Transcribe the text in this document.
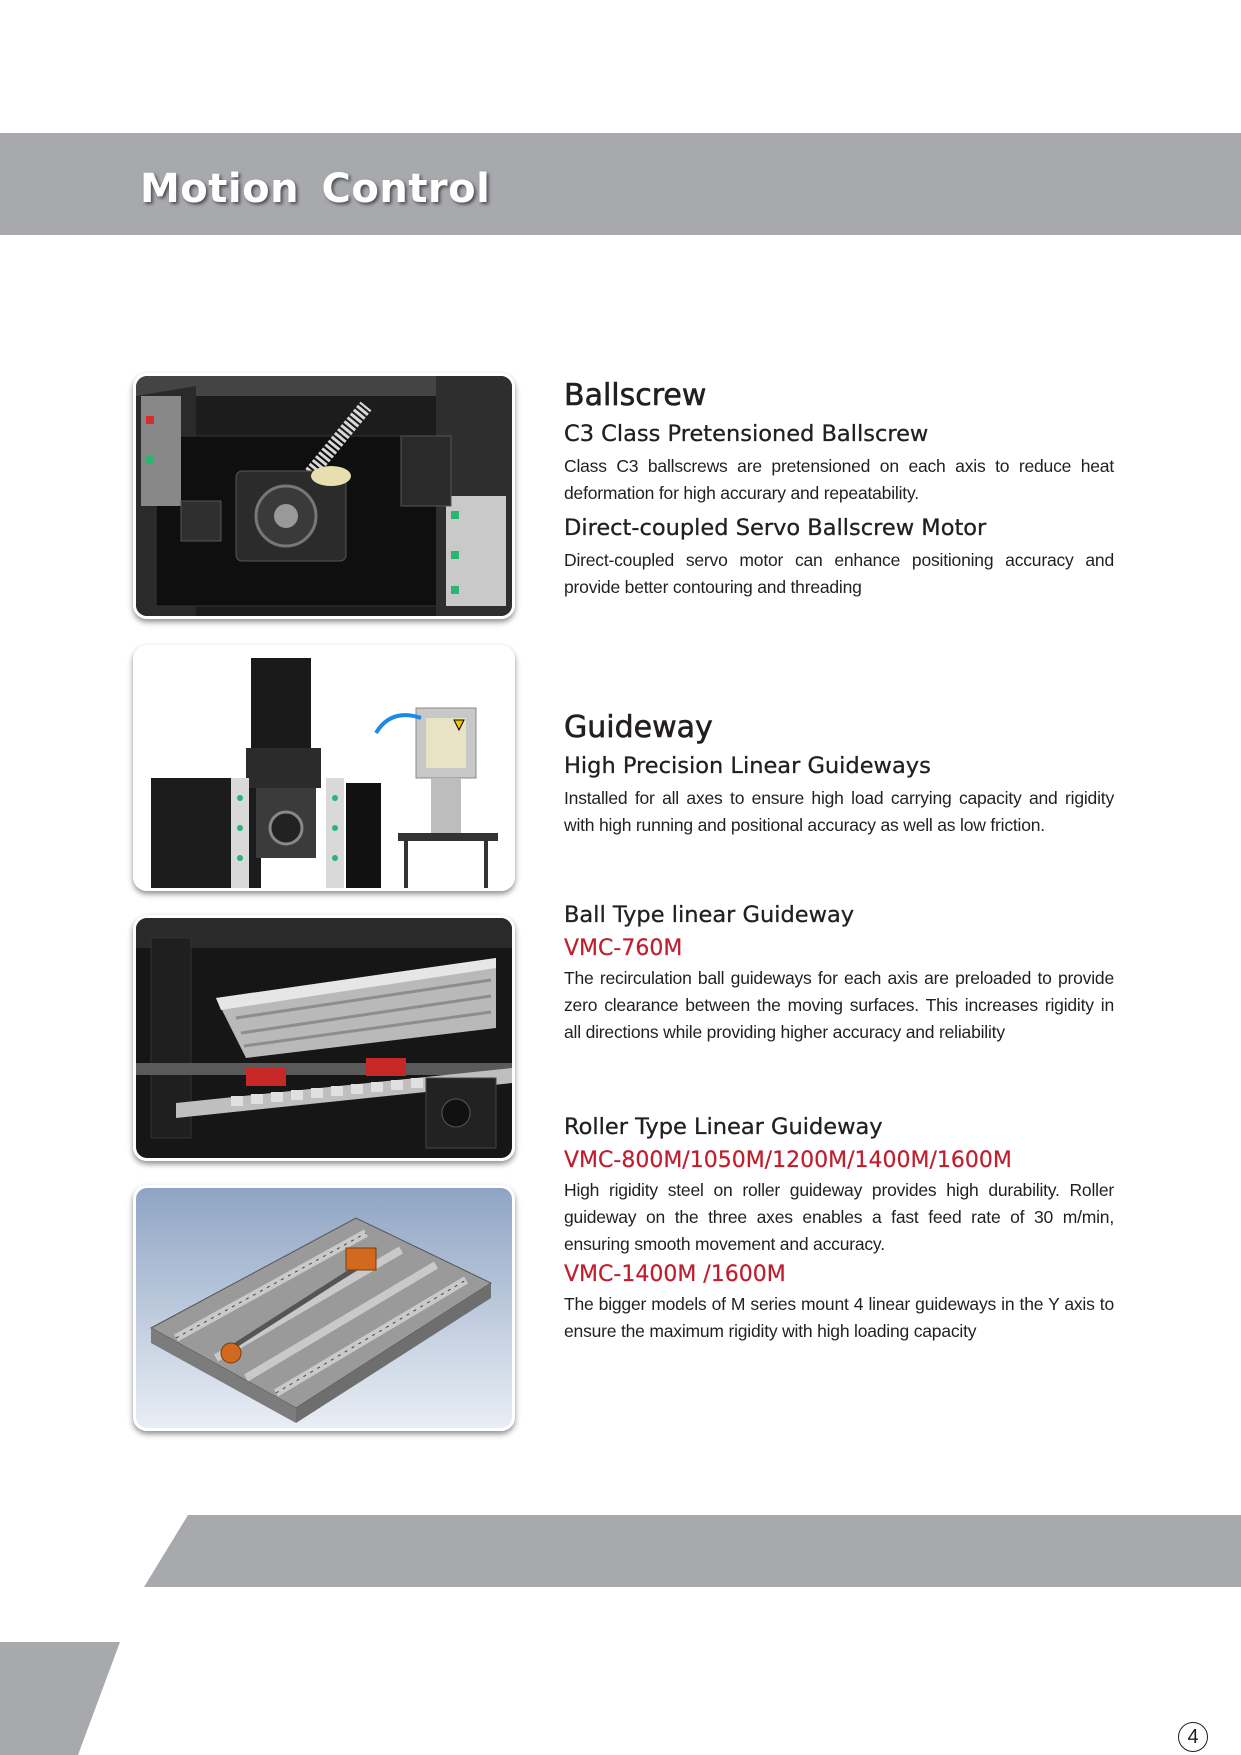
Motion Control
Ballscrew
C3 Class Pretensioned Ballscrew

Class C3 ballscrews are pretensioned on each axis to reduce heat deformation for high accurary and repeatability.

Direct-coupled Servo Ballscrew Motor

Direct-coupled servo motor can enhance positioning accuracy and provide better contouring and threading

Guideway
High Precision Linear Guideways

Installed for all axes to ensure high load carrying capacity and rigidity with high running and positional accuracy as well as low friction.

Ball Type linear Guideway

VMC-760M

The recirculation ball guideways for each axis are preloaded to provide zero clearance between the moving surfaces. This increases rigidity in all directions while providing higher accuracy and reliability

Roller Type Linear Guideway

VMC-800M/1050M/1200M/1400M/1600M

High rigidity steel on roller guideway provides high durability. Roller guideway on the three axes enables a fast feed rate of 30 m/min, ensuring smooth movement and accuracy.

VMC-1400M /1600M

The bigger models of M series mount 4 linear guideways in the Y axis to ensure the maximum rigidity with high loading capacity

4
